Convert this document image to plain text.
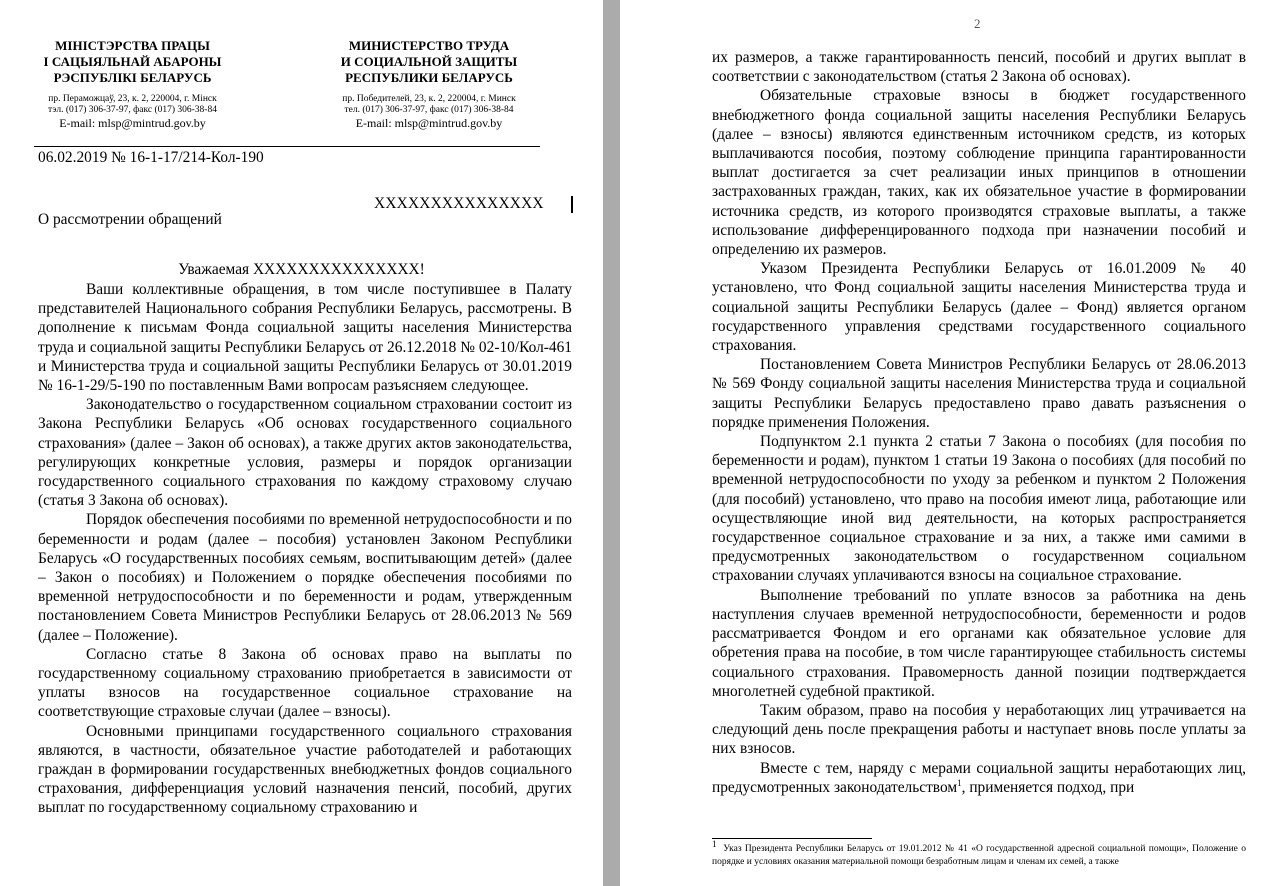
МІНІСТЭРСТВА ПРАЦЫ
І САЦЫЯЛЬНАЙ АБАРОНЫ
РЭСПУБЛІКІ БЕЛАРУСЬ
пр. Пераможцаў, 23, к. 2, 220004, г. Мінск
тэл. (017) 306-37-97, факс (017) 306-38-84
E-mail: mlsp@mintrud.gov.by
МИНИСТЕРСТВО ТРУДА
И СОЦИАЛЬНОЙ ЗАЩИТЫ
РЕСПУБЛИКИ БЕЛАРУСЬ
пр. Победителей, 23, к. 2, 220004, г. Минск
тел. (017) 306-37-97, факс (017) 306-38-84
E-mail: mlsp@mintrud.gov.by
06.02.2019 № 16-1-17/214-Кол-190
XXXXXXXXXXXXXXX
О рассмотрении обращений
Уважаемая XXXXXXXXXXXXXXX!

Ваши коллективные обращения, в том числе поступившее в Палату представителей Национального собрания Республики Беларусь, рассмотрены. В дополнение к письмам Фонда социальной защиты населения Министерства труда и социальной защиты Республики Беларусь от 26.12.2018 № 02-10/Кол-461 и Министерства труда и социальной защиты Республики Беларусь от 30.01.2019 № 16-1-29/5-190 по поставленным Вами вопросам разъясняем следующее.

Законодательство о государственном социальном страховании состоит из Закона Республики Беларусь «Об основах государственного социального страхования» (далее – Закон об основах), а также других актов законодательства, регулирующих конкретные условия, размеры и порядок организации государственного социального страхования по каждому страховому случаю (статья 3 Закона об основах).

Порядок обеспечения пособиями по временной нетрудоспособности и по беременности и родам (далее – пособия) установлен Законом Республики Беларусь «О государственных пособиях семьям, воспитывающим детей» (далее – Закон о пособиях) и Положением о порядке обеспечения пособиями по временной нетрудоспособности и по беременности и родам, утвержденным постановлением Совета Министров Республики Беларусь от 28.06.2013 № 569 (далее – Положение).

Согласно статье 8 Закона об основах право на выплаты по государственному социальному страхованию приобретается в зависимости от уплаты взносов на государственное социальное страхование на соответствующие страховые случаи (далее – взносы).

Основными принципами государственного социального страхования являются, в частности, обязательное участие работодателей и работающих граждан в формировании государственных внебюджетных фондов социального страхования, дифференциация условий назначения пенсий, пособий, других выплат по государственному социальному страхованию и

2

их размеров, а также гарантированность пенсий, пособий и других выплат в соответствии с законодательством (статья 2 Закона об основах).

Обязательные страховые взносы в бюджет государственного внебюджетного фонда социальной защиты населения Республики Беларусь (далее – взносы) являются единственным источником средств, из которых выплачиваются пособия, поэтому соблюдение принципа гарантированности выплат достигается за счет реализации иных принципов в отношении застрахованных граждан, таких, как их обязательное участие в формировании источника средств, из которого производятся страховые выплаты, а также использование дифференцированного подхода при назначении пособий и определению их размеров.

Указом Президента Республики Беларусь от 16.01.2009 № 40 установлено, что Фонд социальной защиты населения Министерства труда и социальной защиты Республики Беларусь (далее – Фонд) является органом государственного управления средствами государственного социального страхования.

Постановлением Совета Министров Республики Беларусь от 28.06.2013 № 569 Фонду социальной защиты населения Министерства труда и социальной защиты Республики Беларусь предоставлено право давать разъяснения о порядке применения Положения.

Подпунктом 2.1 пункта 2 статьи 7 Закона о пособиях (для пособия по беременности и родам), пунктом 1 статьи 19 Закона о пособиях (для пособий по временной нетрудоспособности по уходу за ребенком и пунктом 2 Положения (для пособий) установлено, что право на пособия имеют лица, работающие или осуществляющие иной вид деятельности, на которых распространяется государственное социальное страхование и за них, а также ими самими в предусмотренных законодательством о государственном социальном страховании случаях уплачиваются взносы на социальное страхование.

Выполнение требований по уплате взносов за работника на день наступления случаев временной нетрудоспособности, беременности и родов рассматривается Фондом и его органами как обязательное условие для обретения права на пособие, в том числе гарантирующее стабильность системы социального страхования. Правомерность данной позиции подтверждается многолетней судебной практикой.

Таким образом, право на пособия у неработающих лиц утрачивается на следующий день после прекращения работы и наступает вновь после уплаты за них взносов.

Вместе с тем, наряду с мерами социальной защиты неработающих лиц, предусмотренных законодательством$^1$, применяется подход, при

$^1$  Указ Президента Республики Беларусь от 19.01.2012 № 41 «О государственной адресной социальной помощи», Положение о порядке и условиях оказания материальной помощи безработным лицам и членам их семей, а также
